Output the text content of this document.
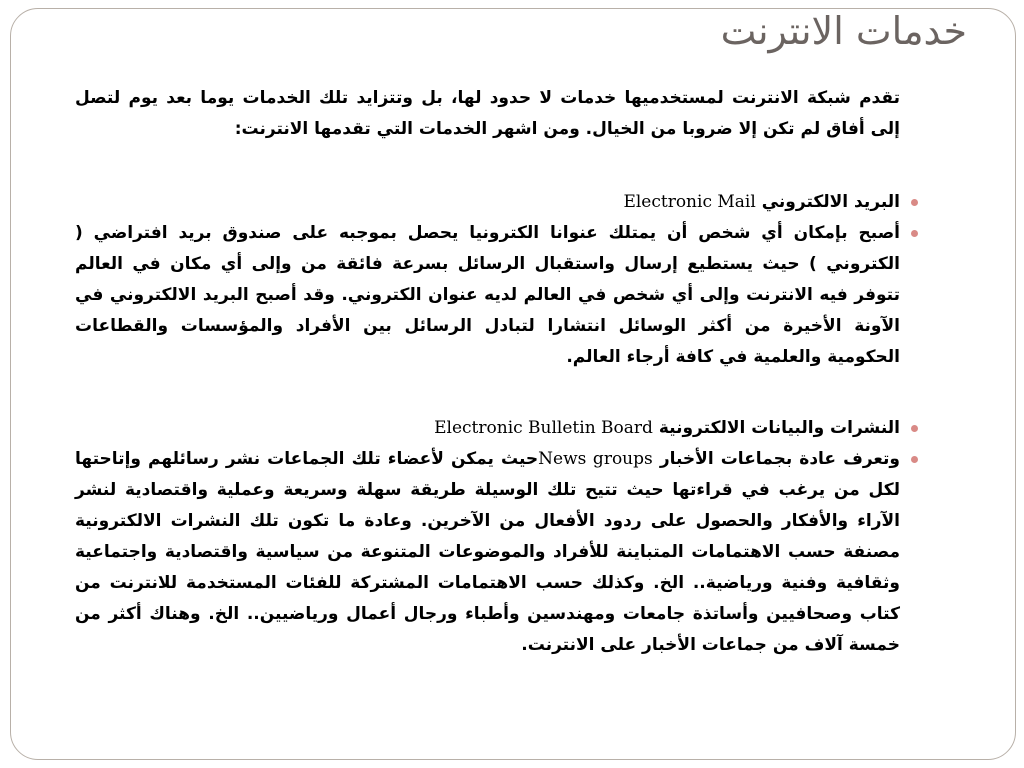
خدمات الانترنت

تقدم شبكة الانترنت لمستخدميها خدمات لا حدود لها، بل وتتزايد تلك الخدمات يوما بعد يوم لتصل إلى أفاق لم تكن إلا ضروبا من الخيال. ومن اشهر الخدمات التي تقدمها الانترنت:

البريد الالكتروني Electronic Mail
أصبح بإمكان أي شخص أن يمتلك عنوانا الكترونيا يحصل بموجبه على صندوق بريد افتراضي ( الكتروني ) حيث يستطيع إرسال واستقبال الرسائل بسرعة فائقة من وإلى أي مكان في العالم تتوفر فيه الانترنت وإلى أي شخص في العالم لديه عنوان الكتروني. وقد أصبح البريد الالكتروني في الآونة الأخيرة من أكثر الوسائل انتشارا لتبادل الرسائل بين الأفراد والمؤسسات والقطاعات الحكومية والعلمية في كافة أرجاء العالم.
النشرات والبيانات الالكترونية Electronic Bulletin Board
وتعرف عادة بجماعات الأخبار News groupsحيث يمكن لأعضاء تلك الجماعات نشر رسائلهم وإتاحتها لكل من يرغب في قراءتها حيث تتيح تلك الوسيلة طريقة سهلة وسريعة وعملية واقتصادية لنشر الآراء والأفكار والحصول على ردود الأفعال من الآخرين. وعادة ما تكون تلك النشرات الالكترونية مصنفة حسب الاهتمامات المتباينة للأفراد والموضوعات المتنوعة من سياسية واقتصادية واجتماعية وثقافية وفنية ورياضية.. الخ. وكذلك حسب الاهتمامات المشتركة للفئات المستخدمة للانترنت من كتاب وصحافيين وأساتذة جامعات ومهندسين وأطباء ورجال أعمال ورياضيين.. الخ. وهناك أكثر من خمسة آلاف من جماعات الأخبار على الانترنت.
